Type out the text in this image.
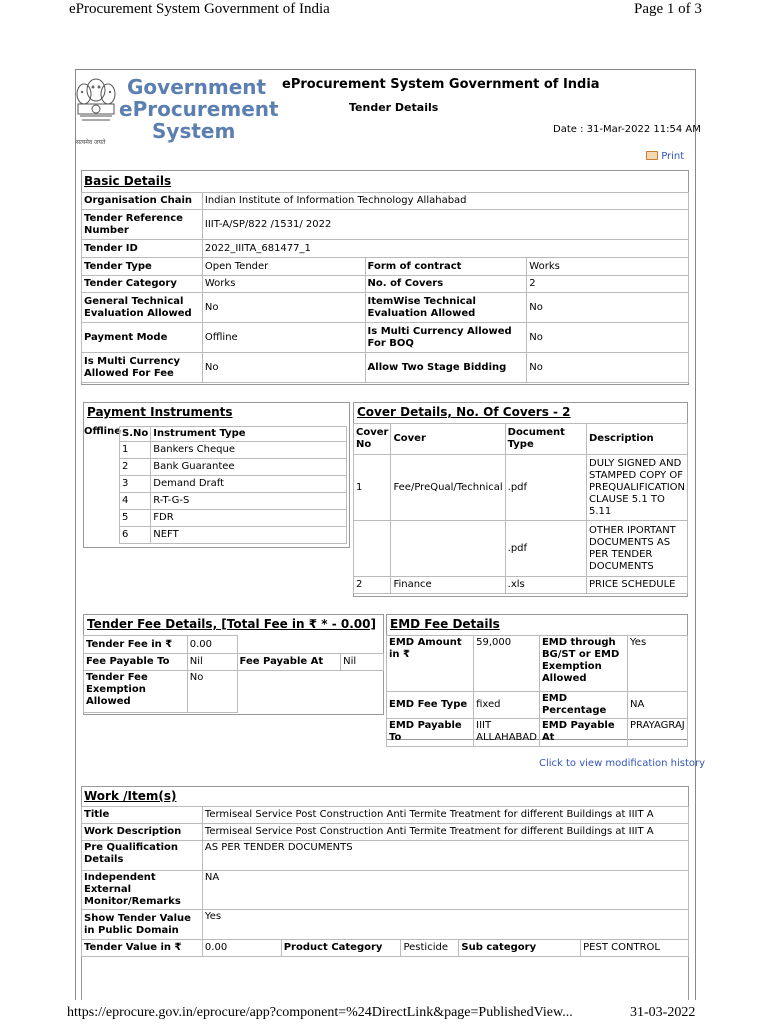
eProcurement System Government of India	Page 1 of 3
सत्यमेव जयते
Government
eProcurement
System
eProcurement System Government of India
Tender Details
Date : 31-Mar-2022 11:54 AM
Print
Basic Details
Organisation Chain	Indian Institute of Information Technology Allahabad		
Tender Reference Number	IIIT-A/SP/822 /1531/ 2022		
Tender ID	2022_IIITA_681477_1		
Tender Type	Open Tender	Form of contract	Works
Tender Category	Works	No. of Covers	2
General Technical Evaluation Allowed	No	ItemWise Technical Evaluation Allowed	No
Payment Mode	Offline	Is Multi Currency Allowed For BOQ	No
Is Multi Currency Allowed For Fee	No	Allow Two Stage Bidding	No
Payment Instruments
Offline S.No	Instrument Type
1	Bankers Cheque
2	Bank Guarantee
3	Demand Draft
4	R-T-G-S
5	FDR
6	NEFT
Cover Details, No. Of Covers - 2
Cover No	Cover	Document Type	Description
1	Fee/PreQual/Technical	.pdf	DULY SIGNED AND STAMPED COPY OF PREQUALIFICATION CLAUSE 5.1 TO 5.11
		.pdf	OTHER IPORTANT DOCUMENTS AS PER TENDER DOCUMENTS
2	Finance	.xls	PRICE SCHEDULE
Tender Fee Details, [Total Fee in ₹ * - 0.00]
Tender Fee in ₹	0.00		
Fee Payable To	Nil	Fee Payable At	Nil
Tender Fee Exemption Allowed	No		
EMD Fee Details
EMD Amount in ₹	59,000	EMD through BG/ST or EMD Exemption Allowed	Yes
EMD Fee Type	fixed	EMD Percentage	NA
EMD Payable To	IIIT ALLAHABAD	EMD Payable At	PRAYAGRAJ
Click to view modification history
Work /Item(s)
Title	Termiseal Service Post Construction Anti Termite Treatment for different Buildings at IIIT A				
Work Description	Termiseal Service Post Construction Anti Termite Treatment for different Buildings at IIIT A				
Pre Qualification Details	AS PER TENDER DOCUMENTS				
Independent External Monitor/Remarks	NA				
Show Tender Value in Public Domain	Yes				
Tender Value in ₹	0.00	Product Category	Pesticide	Sub category	PEST CONTROL
https://eprocure.gov.in/eprocure/app?component=%24DirectLink&page=PublishedView...	31-03-2022
